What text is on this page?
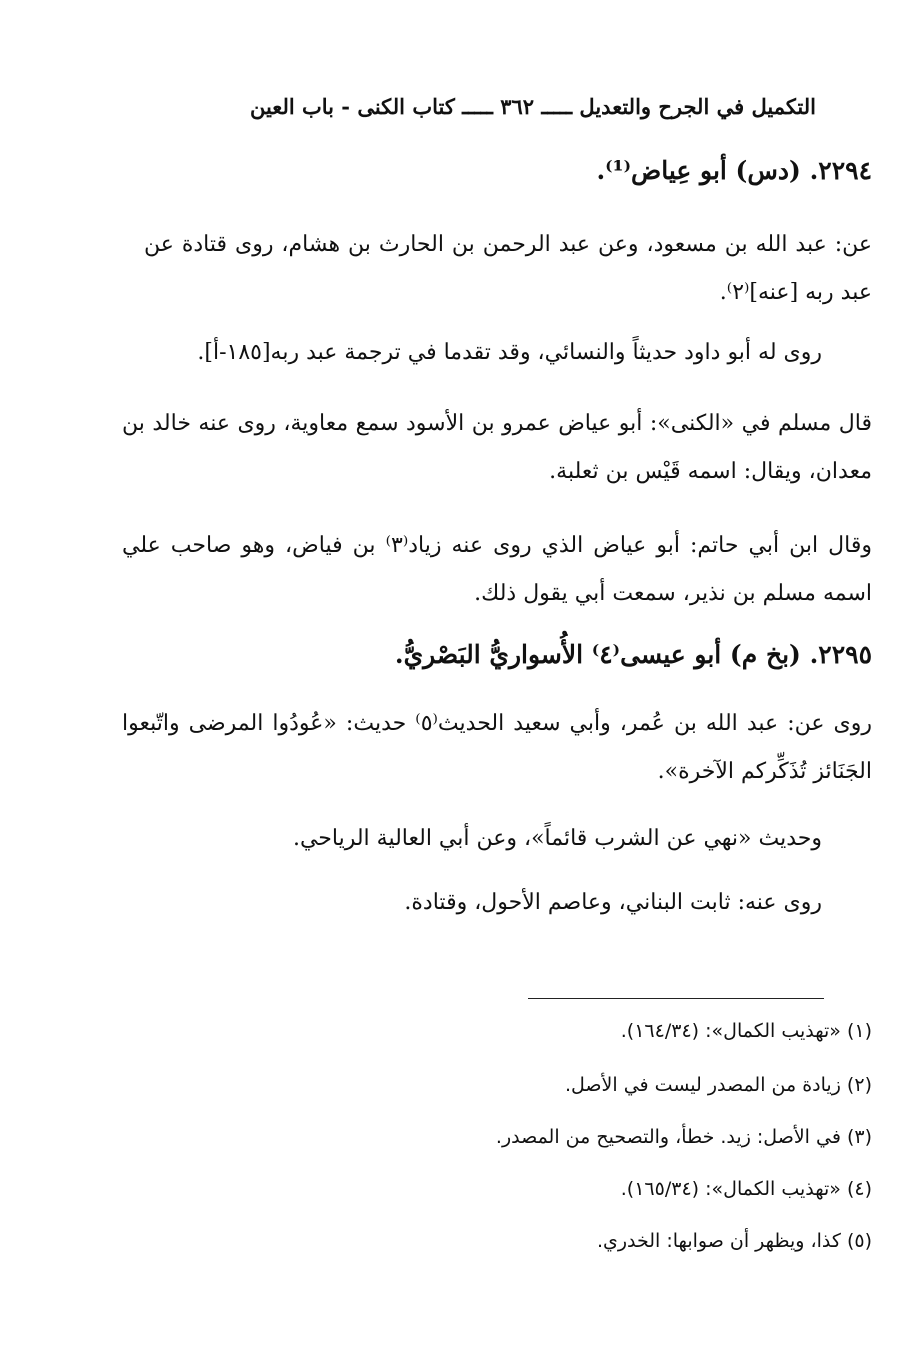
التكميل في الجرح والتعديل ـــــ ٣٦٢ ـــــ كتاب الكنى - باب العين
٢٢٩٤. (دس) أبو عِياض⁽¹⁾.
عن: عبد الله بن مسعود، وعن عبد الرحمن بن الحارث بن هشام، روى قتادة عن عبد ربه [عنه]⁽٢⁾.
روى له أبو داود حديثاً والنسائي، وقد تقدما في ترجمة عبد ربه[١٨٥-أ].
قال مسلم في «الكنى»: أبو عياض عمرو بن الأسود سمع معاوية، روى عنه خالد بن معدان، ويقال: اسمه قَيْس بن ثعلبة.
وقال ابن أبي حاتم: أبو عياض الذي روى عنه زياد⁽٣⁾ بن فياض، وهو صاحب علي اسمه مسلم بن نذير، سمعت أبي يقول ذلك.
٢٢٩٥. (بخ م) أبو عيسى⁽٤⁾ الأُسواريُّ البَصْريُّ.
روى عن: عبد الله بن عُمر، وأبي سعيد الحديث⁽٥⁾ حديث: «عُودُوا المرضى واتّبعوا الجَنَائز تُذَكِّركم الآخرة».
وحديث «نهي عن الشرب قائماً»، وعن أبي العالية الرياحي.
روى عنه: ثابت البناني، وعاصم الأحول، وقتادة.
(١) «تهذيب الكمال»: (١٦٤/٣٤).
(٢) زيادة من المصدر ليست في الأصل.
(٣) في الأصل: زيد. خطأ، والتصحيح من المصدر.
(٤) «تهذيب الكمال»: (١٦٥/٣٤).
(٥) كذا، ويظهر أن صوابها: الخدري.
